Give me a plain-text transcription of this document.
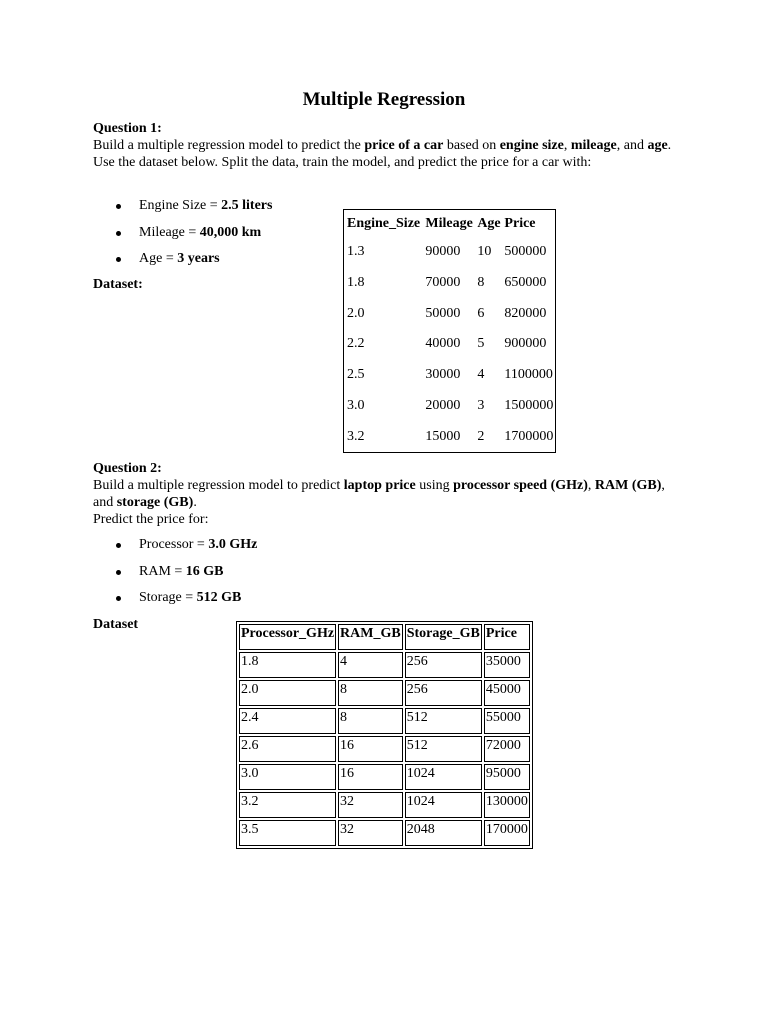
Multiple Regression

Question 1:

Build a multiple regression model to predict the price of a car based on engine size, mileage, and age.

Use the dataset below. Split the data, train the model, and predict the price for a car with:

Engine Size = 2.5 liters
Mileage = 40,000 km
Age = 3 years
Dataset:
Engine_Size	Mileage	Age	Price
1.3	90000	10	500000
1.8	70000	8	650000
2.0	50000	6	820000
2.2	40000	5	900000
2.5	30000	4	1100000
3.0	20000	3	1500000
3.2	15000	2	1700000

Question 2:

Build a multiple regression model to predict laptop price using processor speed (GHz), RAM (GB),
and storage (GB).

Predict the price for:

Processor = 3.0 GHz
RAM = 16 GB
Storage = 512 GB
Dataset
Processor_GHz	RAM_GB	Storage_GB	Price
1.8	4	256	35000
2.0	8	256	45000
2.4	8	512	55000
2.6	16	512	72000
3.0	16	1024	95000
3.2	32	1024	130000
3.5	32	2048	170000
